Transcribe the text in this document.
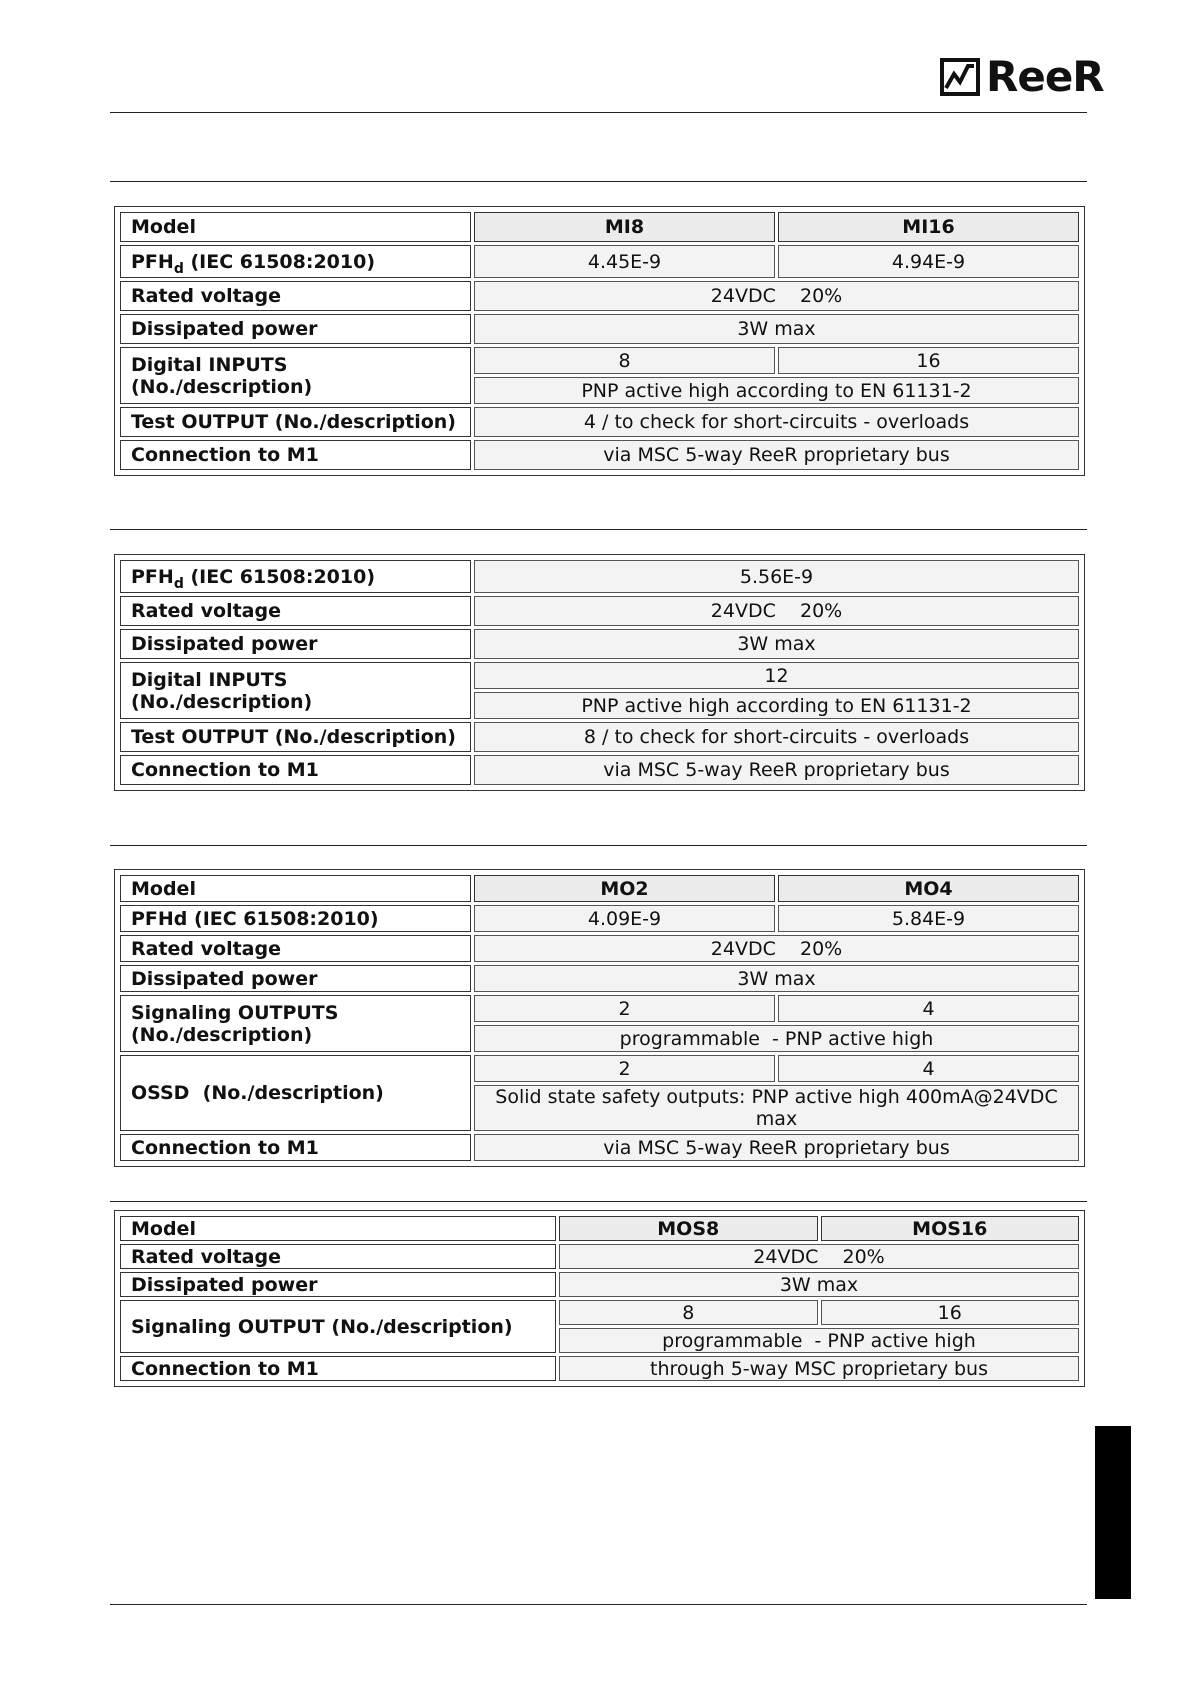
ReeR
Model	MI8	MI16
$PFH_d$ (IEC 61508:2010)	4.45E-9	4.94E-9
Rated voltage	24VDC    20%	
Dissipated power	3W max	
Digital INPUTS (No./description)	8	16
	PNP active high according to EN 61131-2	
Test OUTPUT (No./description)	4 / to check for short-circuits - overloads	
Connection to M1	via MSC 5-way ReeR proprietary bus	
$PFH_d$ (IEC 61508:2010)	5.56E-9
Rated voltage	24VDC    20%
Dissipated power	3W max
Digital INPUTS (No./description)	12
	PNP active high according to EN 61131-2
Test OUTPUT (No./description)	8 / to check for short-circuits - overloads
Connection to M1	via MSC 5-way ReeR proprietary bus
Model	MO2	MO4
PFHd (IEC 61508:2010)	4.09E-9	5.84E-9
Rated voltage	24VDC    20%	
Dissipated power	3W max	

Signaling OUTPUTS
(No./description)	2	4
	programmable  - PNP active high	
OSSD  (No./description)	2	4
	Solid state safety outputs: PNP active high 400mA@24VDC max	
Connection to M1	via MSC 5-way ReeR proprietary bus	
Model	MOS8	MOS16
Rated voltage	24VDC    20%	
Dissipated power	3W max	
Signaling OUTPUT (No./description)	8	16
	programmable  - PNP active high	
Connection to M1	through 5-way MSC proprietary bus	
